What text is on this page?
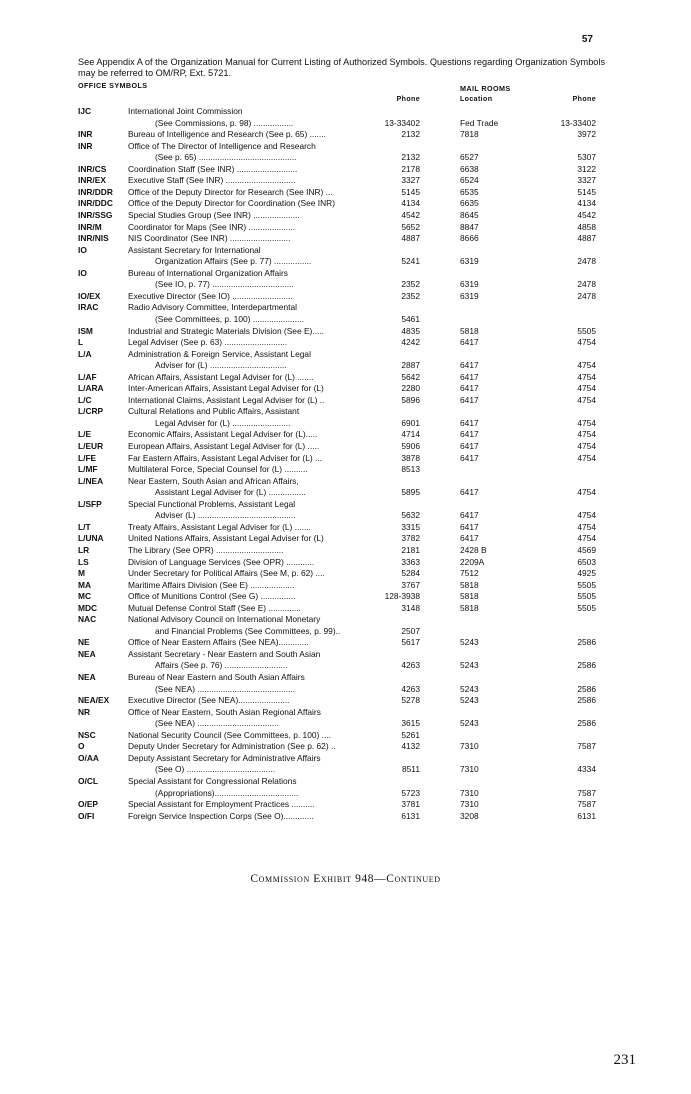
57
See Appendix A of the Organization Manual for Current Listing of Authorized Symbols. Questions regarding Organization Symbols may be referred to OM/RP, Ext. 5721.
OFFICE SYMBOLS	MAIL ROOMS
Phone	Location	Phone
IJC	International Joint Commission
(See Commissions, p. 98) .................	13-33402	Fed Trade	13-33402
INR	Bureau of Intelligence and Research (See p. 65) .......	2132	7818	3972
INR	Office of The Director of Intelligence and Research
(See p. 65) ..........................................	2132	6527	5307
INR/CS	Coordination Staff (See INR) ..........................	2178	6638	3122
INR/EX	Executive Staff (See INR) ..............................	3327	6524	3327
INR/DDR Office of the Deputy Director for Research (See INR) ...	5145	6535	5145
INR/DDC Office of the Deputy Director for Coordination (See INR)	4134	6635	4134
INR/SSG Special Studies Group (See INR) ....................	4542	8645	4542
INR/M	Coordinator for Maps (See INR) ....................	5652	8847	4858
INR/NIS NIS Coordinator (See INR) ..........................	4887	8666	4887
IO	Assistant Secretary for International
Organization Affairs (See p. 77) ................	5241	6319	2478
IO	Bureau of International Organization Affairs
(See IO, p. 77) ...................................	2352	6319	2478
IO/EX	Executive Director (See IO) ..........................	2352	6319	2478
IRAC	Radio Advisory Committee, Interdepartmental
(See Committees, p. 100) ......................	5461
ISM	Industrial and Strategic Materials Division (See E).....	4835	5818	5505
L	Legal Adviser (See p. 63) ...........................	4242	6417	4754
L/A	Administration & Foreign Service, Assistant Legal
Adviser for (L) .................................	2887	6417	4754
L/AF	African Affairs, Assistant Legal Adviser for (L) .......	5642	6417	4754
L/ARA	Inter-American Affairs, Assistant Legal Adviser for (L)	2280	6417	4754
L/C	International Claims, Assistant Legal Adviser for (L) ..	5896	6417	4754
L/CRP	Cultural Relations and Public Affairs, Assistant
Legal Adviser for (L) .........................	6901	6417	4754
L/E	Economic Affairs, Assistant Legal Adviser for (L).....	4714	6417	4754
L/EUR	European Affairs, Assistant Legal Adviser for (L) .....	5906	6417	4754
L/FE	Far Eastern Affairs, Assistant Legal Adviser for (L) ...	3878	6417	4754
L/MF	Multilateral Force, Special Counsel for (L) ..........	8513
L/NEA	Near Eastern, South Asian and African Affairs,
Assistant Legal Adviser for (L) ................	5895	6417	4754
L/SFP	Special Functional Problems, Assistant Legal
Adviser (L) ..........................................	5632	6417	4754
L/T	Treaty Affairs, Assistant Legal Adviser for (L) .......	3315	6417	4754
L/UNA	United Nations Affairs, Assistant Legal Adviser for (L)	3782	6417	4754
LR	The Library (See OPR) .............................	2181	2428 B	4569
LS	Division of Language Services (See OPR) ............	3363	2209A	6503
M	Under Secretary for Political Affairs (See M, p. 62) ....	5284	7512	4925
MA	Maritime Affairs Division (See E) ...................	3767	5818	5505
MC	Office of Munitions Control (See G) ...............	128-3938	5818	5505
MDC	Mutual Defense Control Staff (See E) ..............	3148	5818	5505
NAC	National Advisory Council on International Monetary
and Financial Problems (See Committees, p. 99)..	2507
NE	Office of Near Eastern Affairs (See NEA).............	5617	5243	2586
NEA	Assistant Secretary - Near Eastern and South Asian
Affairs (See p. 76) ...........................	4263	5243	2586
NEA	Bureau of Near Eastern and South Asian Affairs
(See NEA) ..........................................	4263	5243	2586
NEA/EX Executive Director (See NEA)......................	5278	5243	2586
NR	Office of Near Eastern, South Asian Regional Affairs
(See NEA) ...................................	3615	5243	2586
NSC	National Security Council (See Committees, p. 100) ....	5261
O	Deputy Under Secretary for Administration (See p. 62) ..	4132	7310	7587
O/AA	Deputy Assistant Secretary for Administrative Affairs
(See O) ......................................	8511	7310	4334
O/CL	Special Assistant for Congressional Relations
(Appropriations)....................................	5723	7310	7587
O/EP	Special Assistant for Employment Practices ..........	3781	7310	7587
O/FI	Foreign Service Inspection Corps (See O).............	6131	3208	6131
Commission Exhibit 948—Continued
231
